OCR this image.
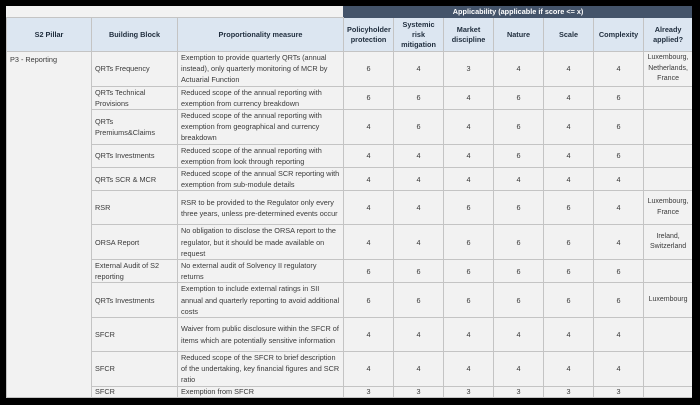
			Applicability (applicable if score <= x)						
S2 Pillar	Building Block	Proportionality measure	Policyholder protection	Systemic risk mitigation	Market discipline	Nature	Scale	Complexity	Already applied?
P3 - Reporting	QRTs Frequency	Exemption to provide quarterly QRTs (annual instead), only quarterly monitoring of MCR by Actuarial Function	6	4	3	4	4	4	Luxembourg, Netherlands, France
	QRTs Technical Provisions	Reduced scope of the annual reporting with exemption from currency breakdown	6	6	4	6	4	6	
	QRTs Premiums&Claims	Reduced scope of the annual reporting with exemption from geographical and currency breakdown	4	6	4	6	4	6	
	QRTs Investments	Reduced scope of the annual reporting with exemption from look through reporting	4	4	4	6	4	6	
	QRTs SCR & MCR	Reduced scope of the annual SCR reporting with exemption from sub-module details	4	4	4	4	4	4	
	RSR	RSR to be provided to the Regulator only every three years, unless pre-determined events occur	4	4	6	6	6	4	Luxembourg, France
	ORSA Report	No obligation to disclose the ORSA report to the regulator, but it should be made available on request	4	4	6	6	6	4	Ireland, Switzerland
	External Audit of S2 reporting	No external audit of Solvency II regulatory returns	6	6	6	6	6	6	
	QRTs Investments	Exemption to include external ratings in SII annual and quarterly reporting to avoid additional costs	6	6	6	6	6	6	Luxembourg
	SFCR	Waiver from public disclosure within the SFCR of items which are potentially sensitive information	4	4	4	4	4	4	
	SFCR	Reduced scope of the SFCR to brief description of the undertaking, key financial figures and SCR ratio	4	4	4	4	4	4	
	SFCR	Exemption from SFCR	3	3	3	3	3	3	
